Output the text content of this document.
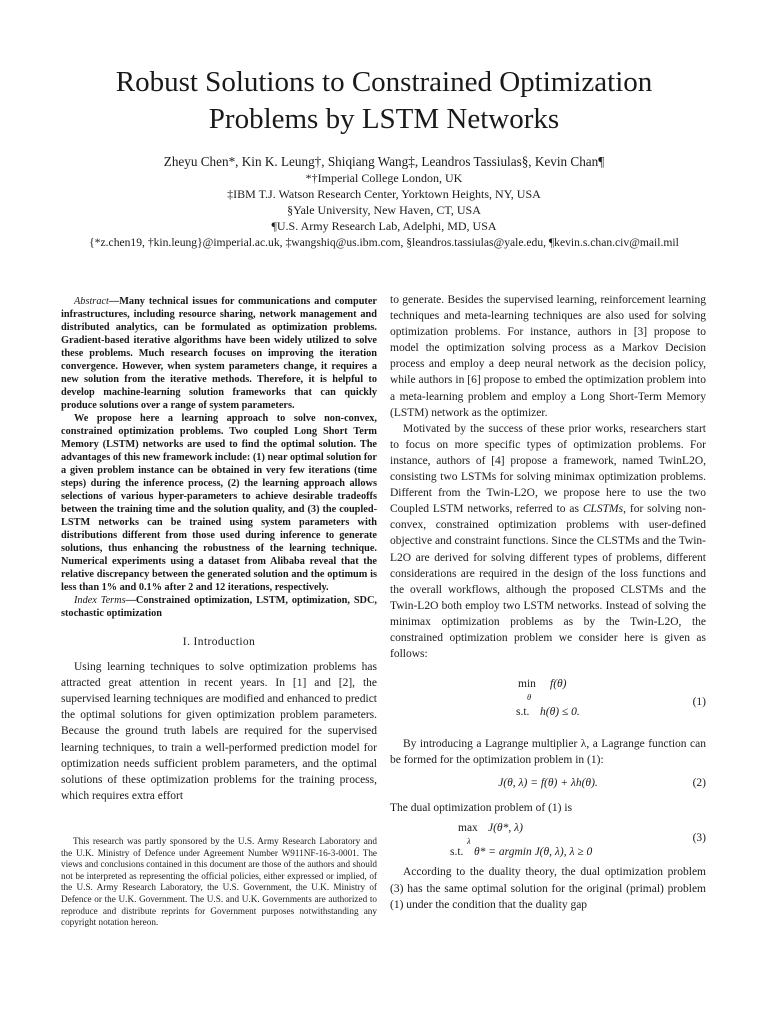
Robust Solutions to Constrained Optimization
Problems by LSTM Networks
Zheyu Chen*, Kin K. Leung†, Shiqiang Wang‡, Leandros Tassiulas§, Kevin Chan¶
*†Imperial College London, UK
‡IBM T.J. Watson Research Center, Yorktown Heights, NY, USA
§Yale University, New Haven, CT, USA
¶U.S. Army Research Lab, Adelphi, MD, USA
{*z.chen19, †kin.leung}@imperial.ac.uk, ‡wangshiq@us.ibm.com, §leandros.tassiulas@yale.edu, ¶kevin.s.chan.civ@mail.mil

Abstract—Many technical issues for communications and computer infrastructures, including resource sharing, network management and distributed analytics, can be formulated as optimization problems. Gradient-based iterative algorithms have been widely utilized to solve these problems. Much research focuses on improving the iteration convergence. However, when system parameters change, it requires a new solution from the iterative methods. Therefore, it is helpful to develop machine-learning solution frameworks that can quickly produce solutions over a range of system parameters.

We propose here a learning approach to solve non-convex, constrained optimization problems. Two coupled Long Short Term Memory (LSTM) networks are used to find the optimal solution. The advantages of this new framework include: (1) near optimal solution for a given problem instance can be obtained in very few iterations (time steps) during the inference process, (2) the learning approach allows selections of various hyper-parameters to achieve desirable tradeoffs between the training time and the solution quality, and (3) the coupled-LSTM networks can be trained using system parameters with distributions different from those used during inference to generate solutions, thus enhancing the robustness of the learning technique. Numerical experiments using a dataset from Alibaba reveal that the relative discrepancy between the generated solution and the optimum is less than 1% and 0.1% after 2 and 12 iterations, respectively.

Index Terms—Constrained optimization, LSTM, optimization, SDC, stochastic optimization

I. Introduction

Using learning techniques to solve optimization problems has attracted great attention in recent years. In [1] and [2], the supervised learning techniques are modified and enhanced to predict the optimal solutions for given optimization problem parameters. Because the ground truth labels are required for the supervised learning techniques, to train a well-performed prediction model for optimization needs sufficient problem parameters, and the optimal solutions of these optimization problems for the training process, which requires extra effort

This research was partly sponsored by the U.S. Army Research Laboratory and the U.K. Ministry of Defence under Agreement Number W911NF-16-3-0001. The views and conclusions contained in this document are those of the authors and should not be interpreted as representing the official policies, either expressed or implied, of the U.S. Army Research Laboratory, the U.S. Government, the U.K. Ministry of Defence or the U.K. Government. The U.S. and U.K. Governments are authorized to reproduce and distribute reprints for Government purposes notwithstanding any copyright notation hereon.

to generate. Besides the supervised learning, reinforcement learning techniques and meta-learning techniques are also used for solving optimization problems. For instance, authors in [3] propose to model the optimization solving process as a Markov Decision process and employ a deep neural network as the decision policy, while authors in [6] propose to embed the optimization problem into a meta-learning problem and employ a Long Short-Term Memory (LSTM) network as the optimizer.

Motivated by the success of these prior works, researchers start to focus on more specific types of optimization problems. For instance, authors of [4] propose a framework, named TwinL2O, consisting two LSTMs for solving minimax optimization problems. Different from the Twin-L2O, we propose here to use the two Coupled LSTM networks, referred to as CLSTMs, for solving non-convex, constrained optimization problems with user-defined objective and constraint functions. Since the CLSTMs and the Twin-L2O are derived for solving different types of problems, different considerations are required in the design of the loss functions and the overall workflows, although the proposed CLSTMs and the Twin-L2O both employ two LSTM networks. Instead of solving the minimax optimization problems as by the Twin-L2O, the constrained optimization problem we consider here is given as follows:

min
θ
f(θ)
s.t. h(θ) ≤ 0.
(1)

By introducing a Lagrange multiplier λ, a Lagrange function can be formed for the optimization problem in (1):

J(θ, λ) = f(θ) + λh(θ).	(2)

The dual optimization problem of (1) is

max
λ
J(θ*, λ)
s.t. θ* = argmin J(θ, λ), λ ≥ 0
(3)

According to the duality theory, the dual optimization problem (3) has the same optimal solution for the original (primal) problem (1) under the condition that the duality gap
